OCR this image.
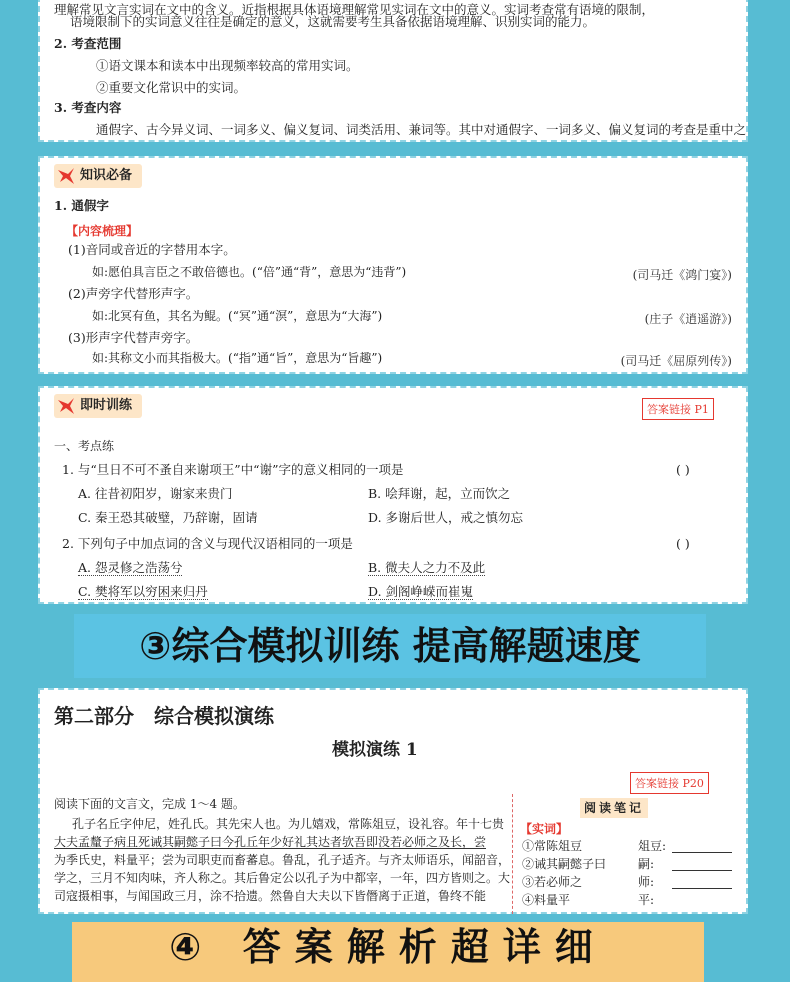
理解常见文言实词在文中的含义。近指根据具体语境理解常见实词在文中的意义。实词考查常有语境的限制，
语境限制下的实词意义往往是确定的意义，这就需要考生具备依据语境理解、识别实词的能力。
2. 考查范围
①语文课本和读本中出现频率较高的常用实词。
②重要文化常识中的实词。
3. 考查内容
通假字、古今异义词、一词多义、偏义复词、词类活用、兼词等。其中对通假字、一词多义、偏义复词的考查是重中之
知识必备
1. 通假字
【内容梳理】
(1)音同或音近的字替用本字。
如:愿伯具言臣之不敢倍德也。(“倍”通“背”，意思为“违背”)	(司马迁《鸿门宴》)
(2)声旁字代替形声字。
如:北冥有鱼，其名为鲲。(“冥”通“溟”，意思为“大海”)	(庄子《逍遥游》)
(3)形声字代替声旁字。
如:其称文小而其指极大。(“指”通“旨”，意思为“旨趣”)	(司马迁《屈原列传》)
即时训练	答案链接 P1
一、考点练
1. 与“旦日不可不蚤自来谢项王”中“谢”字的意义相同的一项是	( )
A. 往昔初阳岁，谢家来贵门	B. 哙拜谢，起，立而饮之
C. 秦王恐其破璧，乃辞谢，固请	D. 多谢后世人，戒之慎勿忘
2. 下列句子中加点词的含义与现代汉语相同的一项是	( )
A. 怨灵修之浩荡兮	B. 微夫人之力不及此
C. 樊将军以穷困来归丹	D. 剑阁峥嵘而崔嵬
③综合模拟训练 提高解题速度
第二部分　综合模拟演练
模拟演练 1
答案链接 P20
阅读下面的文言文，完成 1～4 题。
孔子名丘字仲尼，姓孔氏。其先宋人也。为儿嬉戏，常陈俎豆，设礼容。年十七贵
大夫孟釐子病且死诫其嗣懿子曰今孔丘年少好礼其达者欤吾即没若必师之及长，尝
为季氏史，料量平；尝为司职吏而畜蕃息。鲁乱，孔子适齐。与齐太师语乐，闻韶音，
学之，三月不知肉味，齐人称之。其后鲁定公以孔子为中都宰，一年，四方皆则之。大
司寇摄相事，与闻国政三月，涂不拾遗。然鲁自大夫以下皆僭离于正道，鲁终不能
阅读笔记
【实词】
①常陈俎豆	俎豆:
②诫其嗣懿子曰	嗣:
③若必师之	师:
④料量平	平:
④ 答案解析超详细
